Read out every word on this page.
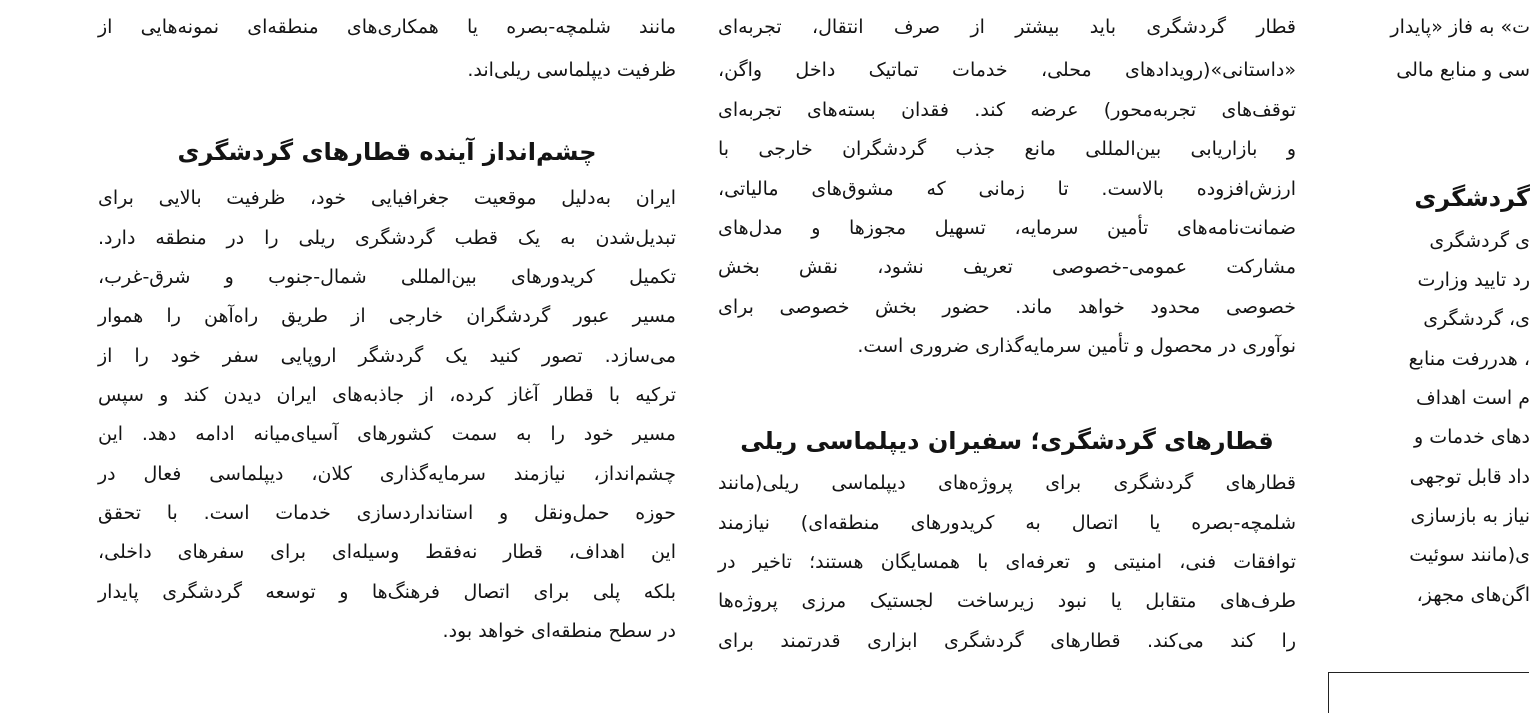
مانند شلمچه-بصره یا همکاری‌های منطقه‌ای نمونه‌هایی از
ظرفیت دیپلماسی ریلی‌اند.
چشم‌انداز آینده قطارهای گردشگری
ایران به‌دلیل موقعیت جغرافیایی خود، ظرفیت بالایی برای
تبدیل‌شدن به یک قطب گردشگری ریلی را در منطقه دارد.
تکمیل کریدورهای بین‌المللی شمال-جنوب و شرق-غرب،
مسیر عبور گردشگران خارجی از طریق راه‌آهن را هموار
می‌سازد. تصور کنید یک گردشگر اروپایی سفر خود را از
ترکیه با قطار آغاز کرده، از جاذبه‌های ایران دیدن کند و سپس
مسیر خود را به سمت کشورهای آسیای‌میانه ادامه دهد. این
چشم‌انداز، نیازمند سرمایه‌گذاری کلان، دیپلماسی فعال در
حوزه حمل‌ونقل و استانداردسازی خدمات است. با تحقق
این اهداف، قطار نه‌فقط وسیله‌ای برای سفرهای داخلی،
بلکه پلی برای اتصال فرهنگ‌ها و توسعه گردشگری پایدار
در سطح منطقه‌ای خواهد بود.
قطار گردشگری باید بیشتر از صرف انتقال، تجربه‌ای
«داستانی»(رویدادهای محلی، خدمات تماتیک داخل واگن،
توقف‌های تجربه‌محور) عرضه کند. فقدان بسته‌های تجربه‌ای
و بازاریابی بین‌المللی مانع جذب گردشگران خارجی با
ارزش‌افزوده بالاست. تا زمانی که مشوق‌های مالیاتی،
ضمانت‌نامه‌های تأمین سرمایه، تسهیل مجوزها و مدل‌های
مشارکت عمومی-خصوصی تعریف نشود، نقش بخش
خصوصی محدود خواهد ماند. حضور بخش خصوصی برای
نوآوری در محصول و تأمین سرمایه‌گذاری ضروری است.
قطارهای گردشگری؛ سفیران دیپلماسی ریلی
قطارهای گردشگری برای پروژه‌های دیپلماسی ریلی(مانند
شلمچه-بصره یا اتصال به کریدورهای منطقه‌ای) نیازمند
توافقات فنی، امنیتی و تعرفه‌ای با همسایگان هستند؛ تاخیر در
طرف‌های متقابل یا نبود زیرساخت لجستیک مرزی پروژه‌ها
را کند می‌کند. قطارهای گردشگری ابزاری قدرتمند برای
ت» به فاز «پایدار
سی و منابع مالی
گردشگری
ی گردشگری
رد تایید وزارت
ی، گردشگری
، هدررفت منابع
م است اهداف
دهای خدمات و
داد قابل توجهی
نیاز به بازسازی
ی(مانند سوئیت
اگن‌های مجهز،
